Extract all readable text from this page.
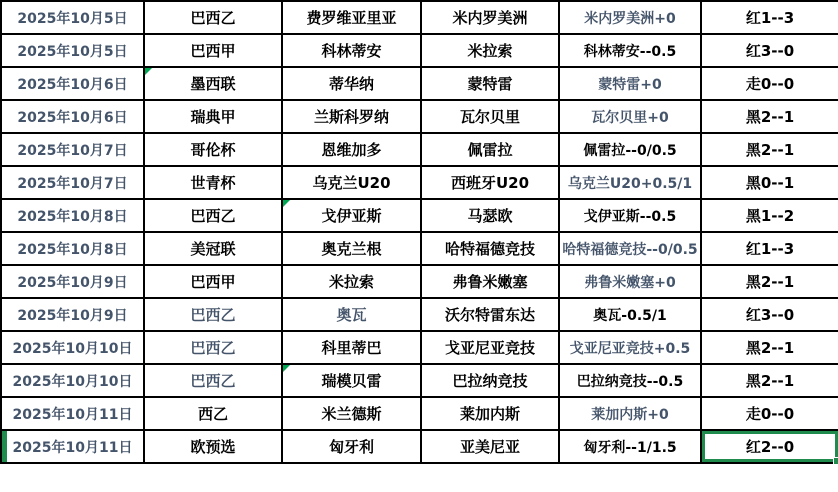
2025年10月5日	巴西乙	费罗维亚里亚	米内罗美洲	米内罗美洲+0	红1--3
2025年10月5日	巴西甲	科林蒂安	米拉索	科林蒂安--0.5	红3--0
2025年10月6日	墨西联	蒂华纳	蒙特雷	蒙特雷+0	走0--0
2025年10月6日	瑞典甲	兰斯科罗纳	瓦尔贝里	瓦尔贝里+0	黑2--1
2025年10月7日	哥伦杯	恩维加多	佩雷拉	佩雷拉--0/0.5	黑2--1
2025年10月7日	世青杯	乌克兰U20	西班牙U20	乌克兰U20+0.5/1	黑0--1
2025年10月8日	巴西乙	戈伊亚斯	马瑟欧	戈伊亚斯--0.5	黑1--2
2025年10月8日	美冠联	奥克兰根	哈特福德竞技	哈特福德竞技--0/0.5	红1--3
2025年10月9日	巴西甲	米拉索	弗鲁米嫩塞	弗鲁米嫩塞+0	黑2--1
2025年10月9日	巴西乙	奥瓦	沃尔特雷东达	奥瓦-0.5/1	红3--0
2025年10月10日	巴西乙	科里蒂巴	戈亚尼亚竞技	戈亚尼亚竞技+0.5	黑2--1
2025年10月10日	巴西乙	瑞模贝雷	巴拉纳竞技	巴拉纳竞技--0.5	黑2--1
2025年10月11日	西乙	米兰德斯	莱加内斯	莱加内斯+0	走0--0
2025年10月11日	欧预选	匈牙利	亚美尼亚	匈牙利--1/1.5	红2--0
